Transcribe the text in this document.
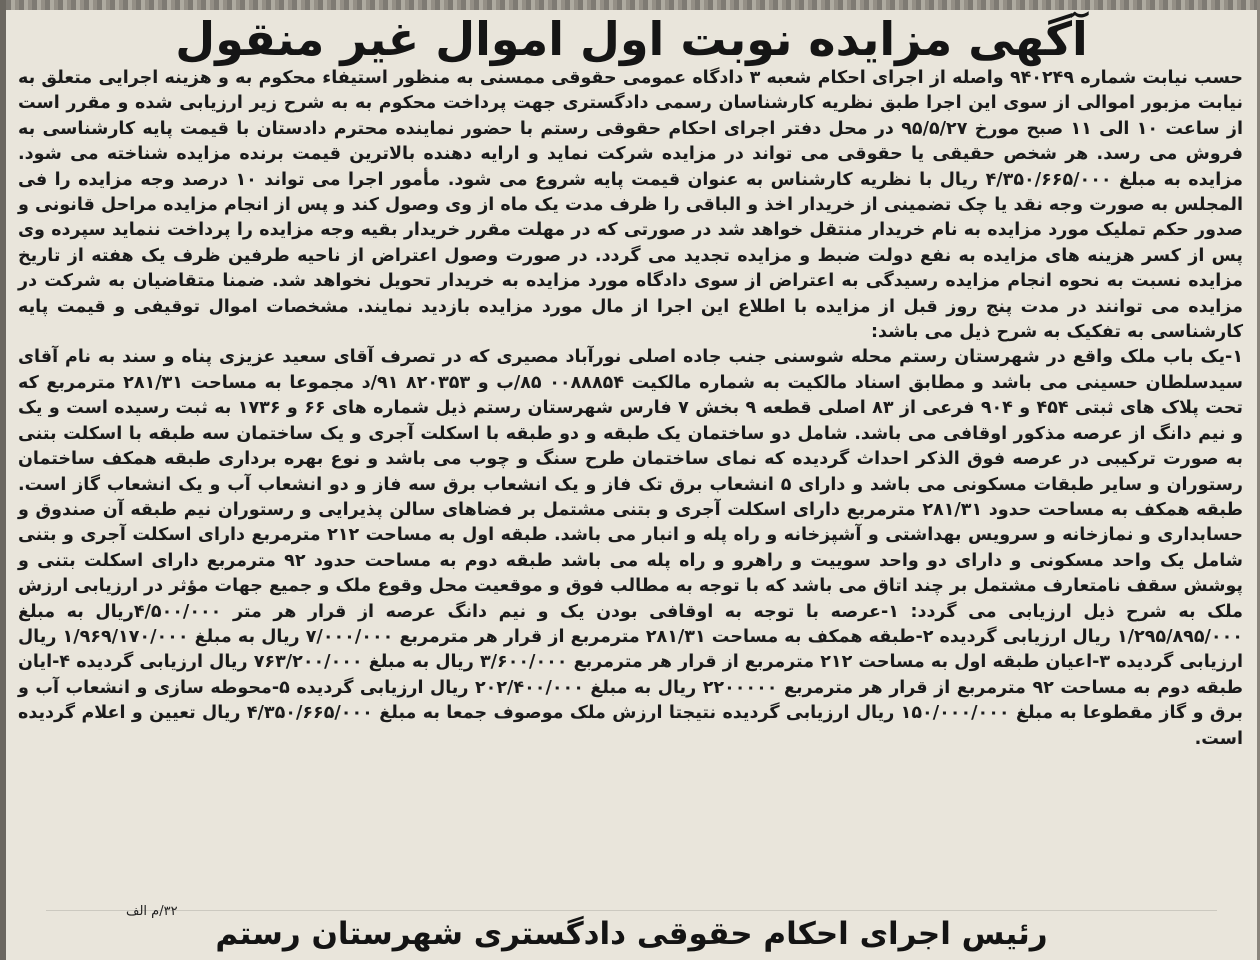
آگهی مزایده نوبت اول اموال غیر منقول

حسب نیابت شماره ۹۴۰۲۴۹ واصله از اجرای احکام شعبه ۳ دادگاه عمومی حقوقی ممسنی به منظور استیفاء محکوم به و هزینه اجرایی متعلق به نیابت مزبور اموالی از سوی این اجرا طبق نظریه کارشناسان رسمی دادگستری جهت پرداخت محکوم به به شرح زیر ارزیابی شده و مقرر است از ساعت ۱۰ الی ۱۱ صبح مورخ ۹۵/۵/۲۷ در محل دفتر اجرای احکام حقوقی رستم با حضور نماینده محترم دادستان با قیمت پایه کارشناسی به فروش می رسد. هر شخص حقیقی یا حقوقی می تواند در مزایده شرکت نماید و ارایه دهنده بالاترین قیمت برنده مزایده شناخته می شود. مزایده به مبلغ ۴/۳۵۰/۶۶۵/۰۰۰ ریال با نظریه کارشناس به عنوان قیمت پایه شروع می شود. مأمور اجرا می تواند ۱۰ درصد وجه مزایده را فی المجلس به صورت وجه نقد یا چک تضمینی از خریدار اخذ و الباقی را ظرف مدت یک ماه از وی وصول کند و پس از انجام مزایده مراحل قانونی و صدور حکم تملیک مورد مزایده به نام خریدار منتقل خواهد شد در صورتی که در مهلت مقرر خریدار بقیه وجه مزایده را پرداخت ننماید سپرده وی پس از کسر هزینه های مزایده به نفع دولت ضبط و مزایده تجدید می گردد. در صورت وصول اعتراض از ناحیه طرفین ظرف یک هفته از تاریخ مزایده نسبت به نحوه انجام مزایده رسیدگی به اعتراض از سوی دادگاه مورد مزایده به خریدار تحویل نخواهد شد. ضمنا متقاضیان به شرکت در مزایده می توانند در مدت پنج روز قبل از مزایده با اطلاع این اجرا از مال مورد مزایده بازدید نمایند. مشخصات اموال توقیفی و قیمت پایه کارشناسی به تفکیک به شرح ذیل می باشد:

۱-یک باب ملک واقع در شهرستان رستم محله شوسنی جنب جاده اصلی نورآباد مصیری که در تصرف آقای سعید عزیزی پناه و سند به نام آقای سیدسلطان حسینی می باشد و مطابق اسناد مالکیت به شماره مالکیت ۰۰۸۸۸۵۴ ۸۵/ب و ۸۲۰۳۵۳ ۹۱/د مجموعا به مساحت ۲۸۱/۳۱ مترمربع که تحت پلاک های ثبتی ۴۵۴ و ۹۰۴ فرعی از ۸۳ اصلی قطعه ۹ بخش ۷ فارس شهرستان رستم ذیل شماره های ۶۶ و ۱۷۳۶ به ثبت رسیده است و یک و نیم دانگ از عرصه مذکور اوقافی می باشد. شامل دو ساختمان یک طبقه و دو طبقه با اسکلت آجری و یک ساختمان سه طبقه با اسکلت بتنی به صورت ترکیبی در عرصه فوق الذکر احداث گردیده که نمای ساختمان طرح سنگ و چوب می باشد و نوع بهره برداری طبقه همکف ساختمان رستوران و سایر طبقات مسکونی می باشد و دارای ۵ انشعاب برق تک فاز و یک انشعاب برق سه فاز و دو انشعاب آب و یک انشعاب گاز است. طبقه همکف به مساحت حدود ۲۸۱/۳۱ مترمربع دارای اسکلت آجری و بتنی مشتمل بر فضاهای سالن پذیرایی و رستوران نیم طبقه آن صندوق و حسابداری و نمازخانه و سرویس بهداشتی و آشپزخانه و راه پله و انبار می باشد. طبقه اول به مساحت ۲۱۲ مترمربع دارای اسکلت آجری و بتنی شامل یک واحد مسکونی و دارای دو واحد سوییت و راهرو و راه پله می باشد طبقه دوم به مساحت حدود ۹۲ مترمربع دارای اسکلت بتنی و پوشش سقف نامتعارف مشتمل بر چند اتاق می باشد که با توجه به مطالب فوق و موقعیت محل وقوع ملک و جمیع جهات مؤثر در ارزیابی ارزش ملک به شرح ذیل ارزیابی می گردد: ۱-عرصه با توجه به اوقافی بودن یک و نیم دانگ عرصه از قرار هر متر ۴/۵۰۰/۰۰۰ریال به مبلغ ۱/۲۹۵/۸۹۵/۰۰۰ ریال ارزیابی گردیده ۲-طبقه همکف به مساحت ۲۸۱/۳۱ مترمربع از قرار هر مترمربع ۷/۰۰۰/۰۰۰ ریال به مبلغ ۱/۹۶۹/۱۷۰/۰۰۰ ریال ارزیابی گردیده ۳-اعیان طبقه اول به مساحت ۲۱۲ مترمربع از قرار هر مترمربع ۳/۶۰۰/۰۰۰ ریال به مبلغ ۷۶۳/۲۰۰/۰۰۰ ریال ارزیابی گردیده ۴-ایان طبقه دوم به مساحت ۹۲ مترمربع از قرار هر مترمربع ۲۲۰۰۰۰۰ ریال به مبلغ ۲۰۲/۴۰۰/۰۰۰ ریال ارزیابی گردیده ۵-محوطه سازی و انشعاب آب و برق و گاز مقطوعا به مبلغ ۱۵۰/۰۰۰/۰۰۰ ریال ارزیابی گردیده نتیجتا ارزش ملک موصوف جمعا به مبلغ ۴/۳۵۰/۶۶۵/۰۰۰ ریال تعیین و اعلام گردیده است.

۳۲/م الف
رئیس اجرای احکام حقوقی دادگستری شهرستان رستم
